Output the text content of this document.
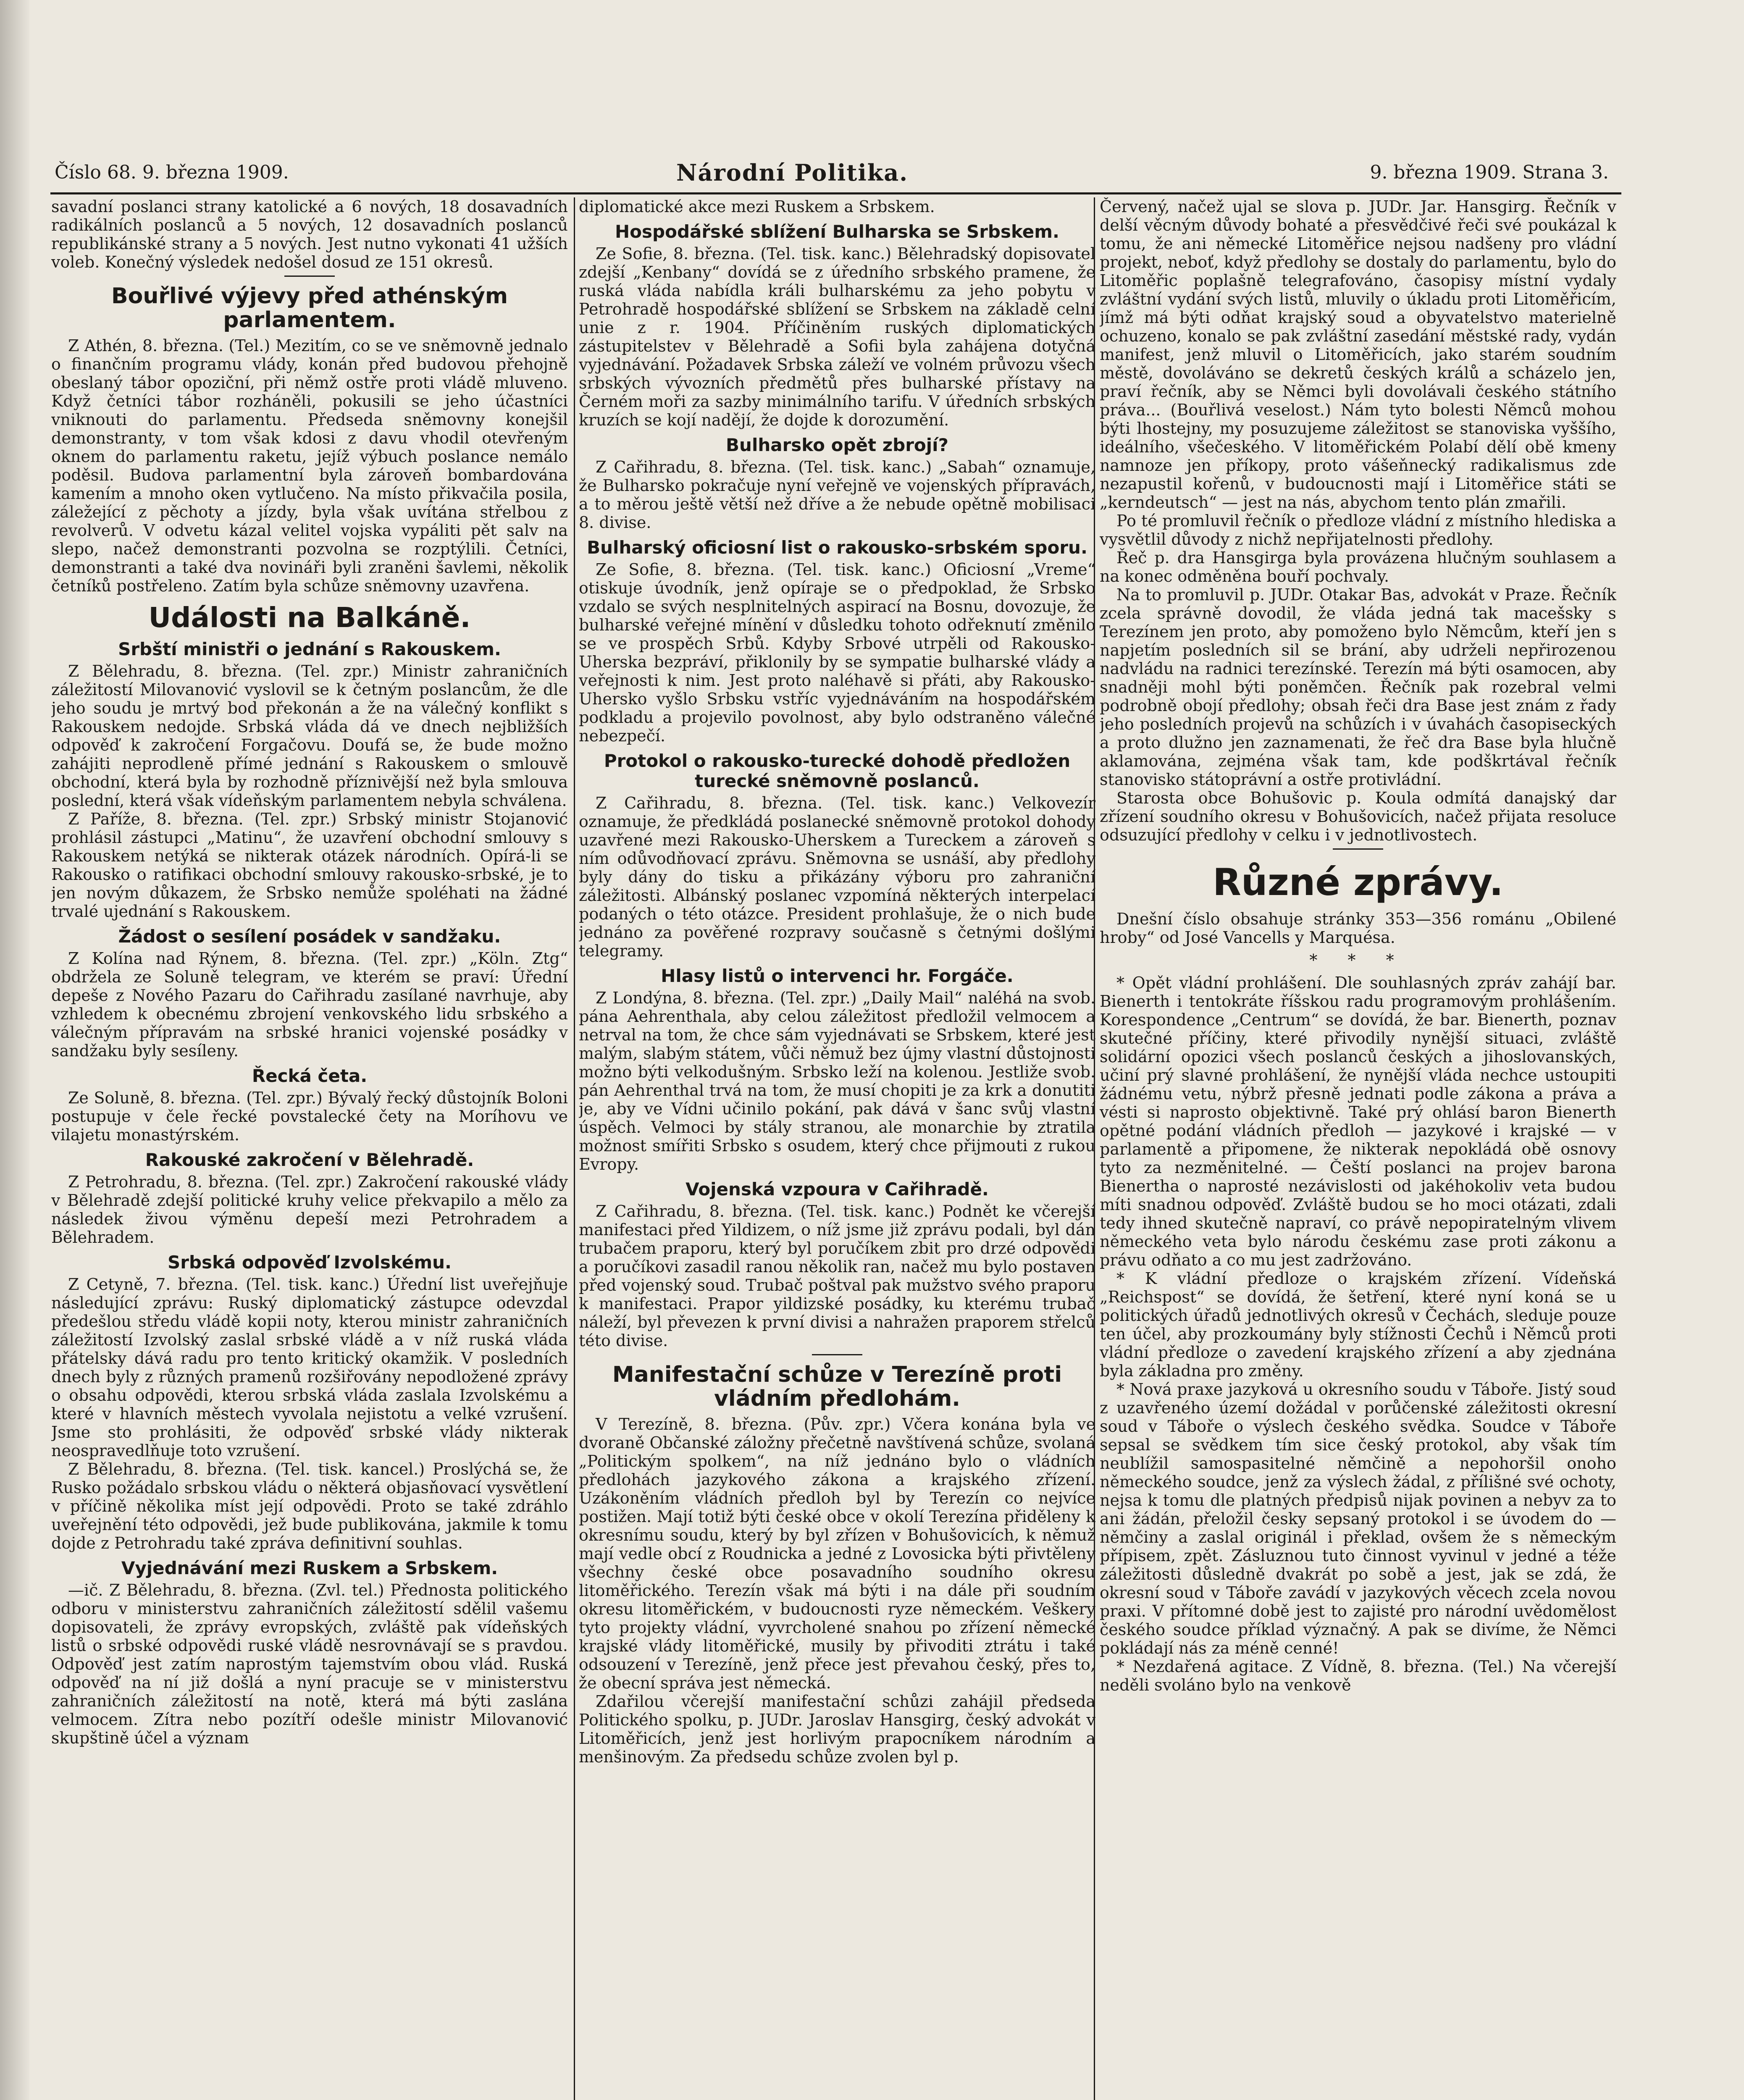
Číslo 68. 9. března 1909.	Národní Politika.	9. března 1909. Strana 3.

savadní poslanci strany katolické a 6 nových, 18 dosavadních radikálních poslanců a 5 nových, 12 dosavadních poslanců republikánské strany a 5 nových. Jest nutno vykonati 41 užších voleb. Konečný výsledek nedošel dosud ze 151 okresů.

Bouřlivé výjevy před athénským parlamentem.

Z Athén, 8. března. (Tel.) Mezitím, co se ve sněmovně jednalo o finančním programu vlády, konán před budovou přehojně obeslaný tábor opoziční, při němž ostře proti vládě mluveno. Když četníci tábor rozháněli, pokusili se jeho účastníci vniknouti do parlamentu. Předseda sněmovny konejšil demonstranty, v tom však kdosi z davu vhodil otevřeným oknem do parlamentu raketu, jejíž výbuch poslance nemálo poděsil. Budova parlamentní byla zároveň bombardována kamením a mnoho oken vytlučeno. Na místo přikvačila posila, záležející z pěchoty a jízdy, byla však uvítána střelbou z revolverů. V odvetu kázal velitel vojska vypáliti pět salv na slepo, načež demonstranti pozvolna se rozptýlili. Četníci, demonstranti a také dva novináři byli zraněni šavlemi, několik četníků postřeleno. Zatím byla schůze sněmovny uzavřena.

Události na Balkáně.
Srbští ministři o jednání s Rakouskem.

Z Bělehradu, 8. března. (Tel. zpr.) Ministr zahraničních záležitostí Milovanović vyslovil se k četným poslancům, že dle jeho soudu je mrtvý bod překonán a že na válečný konflikt s Rakouskem nedojde. Srbská vláda dá ve dnech nejbližších odpověď k zakročení Forgačovu. Doufá se, že bude možno zahájiti neprodleně přímé jednání s Rakouskem o smlouvě obchodní, která byla by rozhodně příznivější než byla smlouva poslední, která však vídeňským parlamentem nebyla schválena.

Z Paříže, 8. března. (Tel. zpr.) Srbský ministr Stojanović prohlásil zástupci „Matinu“, že uzavření obchodní smlouvy s Rakouskem netýká se nikterak otázek národních. Opírá-li se Rakousko o ratifikaci obchodní smlouvy rakousko-srbské, je to jen novým důkazem, že Srbsko nemůže spoléhati na žádné trvalé ujednání s Rakouskem.

Žádost o sesílení posádek v sandžaku.

Z Kolína nad Rýnem, 8. března. (Tel. zpr.) „Köln. Ztg“ obdržela ze Soluně telegram, ve kterém se praví: Úřední depeše z Nového Pazaru do Cařihradu zasílané navrhuje, aby vzhledem k obecnému zbrojení venkovského lidu srbského a válečným přípravám na srbské hranici vojenské posádky v sandžaku byly sesíleny.

Řecká četa.

Ze Soluně, 8. března. (Tel. zpr.) Bývalý řecký důstojník Boloni postupuje v čele řecké povstalecké čety na Moríhovu ve vilajetu monastýrském.

Rakouské zakročení v Bělehradě.

Z Petrohradu, 8. března. (Tel. zpr.) Zakročení rakouské vlády v Bělehradě zdejší politické kruhy velice překvapilo a mělo za následek živou výměnu depeší mezi Petrohradem a Bělehradem.

Srbská odpověď Izvolskému.

Z Cetyně, 7. března. (Tel. tisk. kanc.) Úřední list uveřejňuje následující zprávu: Ruský diplomatický zástupce odevzdal předešlou středu vládě kopii noty, kterou ministr zahraničních záležitostí Izvolský zaslal srbské vládě a v níž ruská vláda přátelsky dává radu pro tento kritický okamžik. V posledních dnech byly z různých pramenů rozšiřovány nepodložené zprávy o obsahu odpovědi, kterou srbská vláda zaslala Izvolskému a které v hlavních městech vyvolala nejistotu a velké vzrušení. Jsme sto prohlásiti, že odpověď srbské vlády nikterak neospravedlňuje toto vzrušení.

Z Bělehradu, 8. března. (Tel. tisk. kancel.) Proslýchá se, že Rusko požádalo srbskou vládu o některá objasňovací vysvětlení v příčině několika míst její odpovědi. Proto se také zdráhlo uveřejnění této odpovědi, jež bude publikována, jakmile k tomu dojde z Petrohradu také zpráva definitivní souhlas.

Vyjednávání mezi Ruskem a Srbskem.

—ič. Z Bělehradu, 8. března. (Zvl. tel.) Přednosta politického odboru v ministerstvu zahraničních záležitostí sdělil vašemu dopisovateli, že zprávy evropských, zvláště pak vídeňských listů o srbské odpovědi ruské vládě nesrovnávají se s pravdou. Odpověď jest zatím naprostým tajemstvím obou vlád. Ruská odpověď na ní již došlá a nyní pracuje se v ministerstvu zahraničních záležitostí na notě, která má býti zaslána velmocem. Zítra nebo pozítří odešle ministr Milovanović skupštině účel a význam

diplomatické akce mezi Ruskem a Srbskem.

Hospodářské sblížení Bulharska se Srbskem.

Ze Sofie, 8. března. (Tel. tisk. kanc.) Bělehradský dopisovatel zdejší „Kenbany“ dovídá se z úředního srbského pramene, že ruská vláda nabídla králi bulharskému za jeho pobytu v Petrohradě hospodářské sblížení se Srbskem na základě celní unie z r. 1904. Příčiněním ruských diplomatických zástupitelstev v Bělehradě a Sofii byla zahájena dotyčná vyjednávání. Požadavek Srbska záleží ve volném průvozu všech srbských vývozních předmětů přes bulharské přístavy na Černém moři za sazby minimálního tarifu. V úředních srbských kruzích se kojí nadějí, že dojde k dorozumění.

Bulharsko opět zbrojí?

Z Cařihradu, 8. března. (Tel. tisk. kanc.) „Sabah“ oznamuje, že Bulharsko pokračuje nyní veřejně ve vojenských přípravách, a to měrou ještě větší než dříve a že nebude opětně mobilisaci 8. divise.

Bulharský oficiosní list o rakousko-srbském sporu.

Ze Sofie, 8. března. (Tel. tisk. kanc.) Oficiosní „Vreme“ otiskuje úvodník, jenž opíraje se o předpoklad, že Srbsko vzdalo se svých nesplnitelných aspirací na Bosnu, dovozuje, že bulharské veřejné mínění v důsledku tohoto odřeknutí změnilo se ve prospěch Srbů. Kdyby Srbové utrpěli od Rakousko-Uherska bezpráví, přiklonily by se sympatie bulharské vlády a veřejnosti k nim. Jest proto naléhavě si přáti, aby Rakousko-Uhersko vyšlo Srbsku vstříc vyjednáváním na hospodářském podkladu a projevilo povolnost, aby bylo odstraněno válečné nebezpečí.

Protokol o rakousko-turecké dohodě předložen turecké sněmovně poslanců.

Z Cařihradu, 8. března. (Tel. tisk. kanc.) Velkovezír oznamuje, že předkládá poslanecké sněmovně protokol dohody uzavřené mezi Rakousko-Uherskem a Tureckem a zároveň s ním odůvodňovací zprávu. Sněmovna se usnáší, aby předlohy byly dány do tisku a přikázány výboru pro zahraniční záležitosti. Albánský poslanec vzpomíná některých interpelací podaných o této otázce. President prohlašuje, že o nich bude jednáno za pověřené rozpravy současně s četnými došlými telegramy.

Hlasy listů o intervenci hr. Forgáče.

Z Londýna, 8. března. (Tel. zpr.) „Daily Mail“ naléhá na svob. pána Aehrenthala, aby celou záležitost předložil velmocem a netrval na tom, že chce sám vyjednávati se Srbskem, které jest malým, slabým státem, vůči němuž bez újmy vlastní důstojnosti možno býti velkodušným. Srbsko leží na kolenou. Jestliže svob. pán Aehrenthal trvá na tom, že musí chopiti je za krk a donutiti je, aby ve Vídni učinilo pokání, pak dává v šanc svůj vlastní úspěch. Velmoci by stály stranou, ale monarchie by ztratila možnost smířiti Srbsko s osudem, který chce přijmouti z rukou Evropy.

Vojenská vzpoura v Cařihradě.

Z Cařihradu, 8. března. (Tel. tisk. kanc.) Podnět ke včerejší manifestaci před Yildizem, o níž jsme již zprávu podali, byl dán trubačem praporu, který byl poručíkem zbit pro drzé odpovědi a poručíkovi zasadil ranou několik ran, načež mu bylo postaven před vojenský soud. Trubač poštval pak mužstvo svého praporu k manifestaci. Prapor yildizské posádky, ku kterému trubač náleží, byl převezen k první divisi a nahražen praporem střelců této divise.

Manifestační schůze v Terezíně proti vládním předlohám.

V Terezíně, 8. března. (Pův. zpr.) Včera konána byla ve dvoraně Občanské záložny přečetně navštívená schůze, svolaná „Politickým spolkem“, na níž jednáno bylo o vládních předlohách jazykového zákona a krajského zřízení. Uzákoněním vládních předloh byl by Terezín co nejvíce postižen. Mají totiž býti české obce v okolí Terezína přiděleny k okresnímu soudu, který by byl zřízen v Bohušovicích, k němuž mají vedle obcí z Roudnicka a jedné z Lovosicka býti přivtěleny všechny české obce posavadního soudního okresu litoměřického. Terezín však má býti i na dále při soudním okresu litoměřickém, v budoucnosti ryze německém. Veškery tyto projekty vládní, vyvrcholené snahou po zřízení německé krajské vlády litoměřické, musily by přivoditi ztrátu i také odsouzení v Terezíně, jenž přece jest převahou český, přes to, že obecní správa jest německá.

Zdařilou včerejší manifestační schůzi zahájil předseda Politického spolku, p. JUDr. Jaroslav Hansgirg, český advokát v Litoměřicích, jenž jest horlivým prapocníkem národním a menšinovým. Za předsedu schůze zvolen byl p.

Červený, načež ujal se slova p. JUDr. Jar. Hansgirg. Řečník v delší věcným důvody bohaté a přesvědčivé řeči své poukázal k tomu, že ani německé Litoměřice nejsou nadšeny pro vládní projekt, neboť, když předlohy se dostaly do parlamentu, bylo do Litoměřic poplašně telegrafováno, časopisy místní vydaly zvláštní vydání svých listů, mluvily o úkladu proti Litoměřicím, jímž má býti odňat krajský soud a obyvatelstvo materielně ochuzeno, konalo se pak zvláštní zasedání městské rady, vydán manifest, jenž mluvil o Litoměřicích, jako starém soudním městě, dovoláváno se dekretů českých králů a scházelo jen, praví řečník, aby se Němci byli dovolávali českého státního práva... (Bouřlivá veselost.) Nám tyto bolesti Němců mohou býti lhostejny, my posuzujeme záležitost se stanoviska vyššího, ideálního, všečeského. V litoměřickém Polabí dělí obě kmeny namnoze jen příkopy, proto vášeňnecký radikalismus zde nezapustil kořenů, v budoucnosti mají i Litoměřice státi se „kerndeutsch“ — jest na nás, abychom tento plán zmařili.

Po té promluvil řečník o předloze vládní z místního hlediska a vysvětlil důvody z nichž nepřijatelnosti předlohy.

Řeč p. dra Hansgirga byla provázena hlučným souhlasem a na konec odměněna bouří pochvaly.

Na to promluvil p. JUDr. Otakar Bas, advokát v Praze. Řečník zcela správně dovodil, že vláda jedná tak macešsky s Terezínem jen proto, aby pomoženo bylo Němcům, kteří jen s napjetím posledních sil se brání, aby udrželi nepřirozenou nadvládu na radnici terezínské. Terezín má býti osamocen, aby snadněji mohl býti poněmčen. Řečník pak rozebral velmi podrobně obojí předlohy; obsah řeči dra Base jest znám z řady jeho posledních projevů na schůzích i v úvahách časopiseckých a proto dlužno jen zaznamenati, že řeč dra Base byla hlučně aklamována, zejména však tam, kde podškrtával řečník stanovisko státoprávní a ostře protivládní.

Starosta obce Bohušovic p. Koula odmítá danajský dar zřízení soudního okresu v Bohušovicích, načež přijata resoluce odsuzující předlohy v celku i v jednotlivostech.

Různé zprávy.

Dnešní číslo obsahuje stránky 353—356 románu „Obilené hroby“ od José Vancells y Marquésa.

* * *

* Opět vládní prohlášení. Dle souhlasných zpráv zahájí bar. Bienerth i tentokráte říšskou radu programovým prohlášením. Korespondence „Centrum“ se dovídá, že bar. Bienerth, poznav skutečné příčiny, které přivodily nynější situaci, zvláště solidární opozici všech poslanců českých a jihoslovanských, učiní prý slavné prohlášení, že nynější vláda nechce ustoupiti žádnému vetu, nýbrž přesně jednati podle zákona a práva a vésti si naprosto objektivně. Také prý ohlásí baron Bienerth opětné podání vládních předloh — jazykové i krajské — v parlamentě a připomene, že nikterak nepokládá obě osnovy tyto za nezměnitelné. — Čeští poslanci na projev barona Bienertha o naprosté nezávislosti od jakéhokoliv veta budou míti snadnou odpověď. Zvláště budou se ho moci otázati, zdali tedy ihned skutečně napraví, co právě nepopiratelným vlivem německého veta bylo národu českému zase proti zákonu a právu odňato a co mu jest zadržováno.

* K vládní předloze o krajském zřízení. Vídeňská „Reichspost“ se dovídá, že šetření, které nyní koná se u politických úřadů jednotlivých okresů v Čechách, sleduje pouze ten účel, aby prozkoumány byly stížnosti Čechů i Němců proti vládní předloze o zavedení krajského zřízení a aby zjednána byla základna pro změny.

* Nová praxe jazyková u okresního soudu v Táboře. Jistý soud z uzavřeného území dožádal v porůčenské záležitosti okresní soud v Táboře o výslech českého svědka. Soudce v Táboře sepsal se svědkem tím sice český protokol, aby však tím neublížil samospasitelné němčině a nepohoršil onoho německého soudce, jenž za výslech žádal, z přílišné své ochoty, nejsa k tomu dle platných předpisů nijak povinen a nebyv za to ani žádán, přeložil česky sepsaný protokol i se úvodem do — němčiny a zaslal originál i překlad, ovšem že s německým přípisem, zpět. Zásluznou tuto činnost vyvinul v jedné a téže záležitosti důsledně dvakrát po sobě a jest, jak se zdá, že okresní soud v Táboře zavádí v jazykových věcech zcela novou praxi. V přítomné době jest to zajisté pro národní uvědomělost českého soudce příklad význačný. A pak se divíme, že Němci pokládají nás za méně cenné!

* Nezdařená agitace. Z Vídně, 8. března. (Tel.) Na včerejší neděli svoláno bylo na venkově
